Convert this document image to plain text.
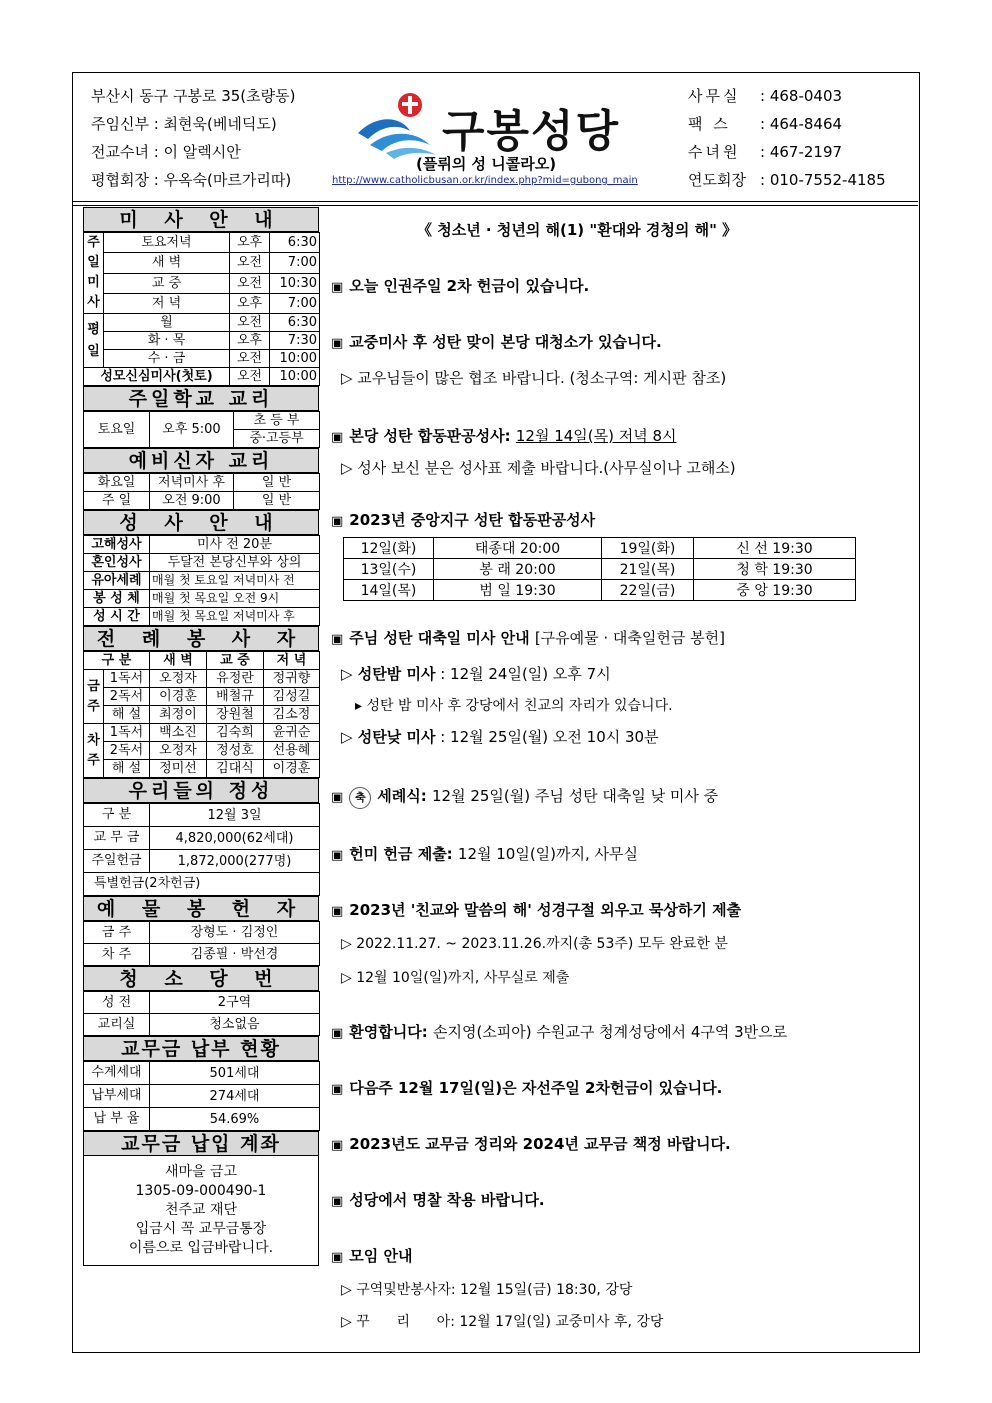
부산시 동구 구봉로 35(초량동)
주임신부 : 최현욱(베네딕도)
전교수녀 : 이 알렉시안
평협회장 : 우옥숙(마르가리따)
구봉성당
(플뤼의 성 니콜라오)
http://www.catholicbusan.or.kr/index.php?mid=gubong_main
사무실 : 468-0403
팩 스 : 464-8464
수녀원 : 467-2197
연도회장 : 010-7552-4185
미 사 안 내
주일미사	토요저녁	오후	6:30
	새 벽	오전	7:00
	교 중	오전	10:30
	저 녁	오후	7:00
평일	월	오전	6:30
	화 · 목	오후	7:30
	수 · 금	오전	10:00
성모신심미사(첫토)		오전	10:00
주일학교 교리
토요일	오후 5:00	초 등 부
중·고등부
예비신자 교리
화요일	저녁미사 후	일 반
주 일	오전 9:00	일 반
성 사 안 내
고해성사	미사 전 20분
혼인성사	두달전 본당신부와 상의
유아세례	매월 첫 토요일 저녁미사 전
봉 성 체	매월 첫 목요일 오전 9시
성 시 간	매월 첫 목요일 저녁미사 후
전 례 봉 사 자
구 분		새 벽	교 중	저 녁
금주	1독서	오정자	유정란	정귀향
	2독서	이경훈	배철규	김성길
	해 설	최정이	장원철	김소정
차주	1독서	백소진	김숙희	윤귀순
	2독서	오정자	정성호	선용혜
	해 설	정미선	김대식	이경훈
우리들의 정성
구 분	12월 3일
교 무 금	4,820,000(62세대)
주일헌금	1,872,000(277명)
특별헌금(2차헌금)	
예 물 봉 헌 자
금 주	장형도 · 김정인
차 주	김종필 · 박선경
청 소 당 번
성 전	2구역
교리실	청소없음
교무금 납부 현황
수계세대	501세대
납부세대	274세대
납 부 율	54.69%
교무금 납입 계좌
새마을 금고
1305-09-000490-1
천주교 재단
입금시 꼭 교무금통장
이름으로 입금바랍니다.
《 청소년 · 청년의 해(1) "환대와 경청의 해" 》
▣ 오늘 인권주일 2차 헌금이 있습니다.
▣ 교중미사 후 성탄 맞이 본당 대청소가 있습니다.
▷ 교우님들이 많은 협조 바랍니다. (청소구역: 게시판 참조)
▣ 본당 성탄 합동판공성사: 12월 14일(목) 저녁 8시
▷ 성사 보신 분은 성사표 제출 바랍니다.(사무실이나 고해소)
▣ 2023년 중앙지구 성탄 합동판공성사
12일(화)	태종대 20:00	19일(화)	신 선 19:30
13일(수)	봉 래 20:00	21일(목)	청 학 19:30
14일(목)	범 일 19:30	22일(금)	중 앙 19:30
▣ 주님 성탄 대축일 미사 안내 [구유예물 · 대축일헌금 봉헌]
▷ 성탄밤 미사 : 12월 24일(일) 오후 7시
▸ 성탄 밤 미사 후 강당에서 친교의 자리가 있습니다.
▷ 성탄낮 미사 : 12월 25일(월) 오전 10시 30분
▣ 축 세례식: 12월 25일(월) 주님 성탄 대축일 낮 미사 중
▣ 헌미 헌금 제출: 12월 10일(일)까지, 사무실
▣ 2023년 '친교와 말씀의 해' 성경구절 외우고 묵상하기 제출
▷ 2022.11.27. ~ 2023.11.26.까지(총 53주) 모두 완료한 분
▷ 12월 10일(일)까지, 사무실로 제출
▣ 환영합니다: 손지영(소피아) 수원교구 청계성당에서 4구역 3반으로
▣ 다음주 12월 17일(일)은 자선주일 2차헌금이 있습니다.
▣ 2023년도 교무금 정리와 2024년 교무금 책정 바랍니다.
▣ 성당에서 명찰 착용 바랍니다.
▣ 모임 안내
▷ 구역및반봉사자: 12월 15일(금) 18:30, 강당
▷ 꾸      리      아: 12월 17일(일) 교중미사 후, 강당
